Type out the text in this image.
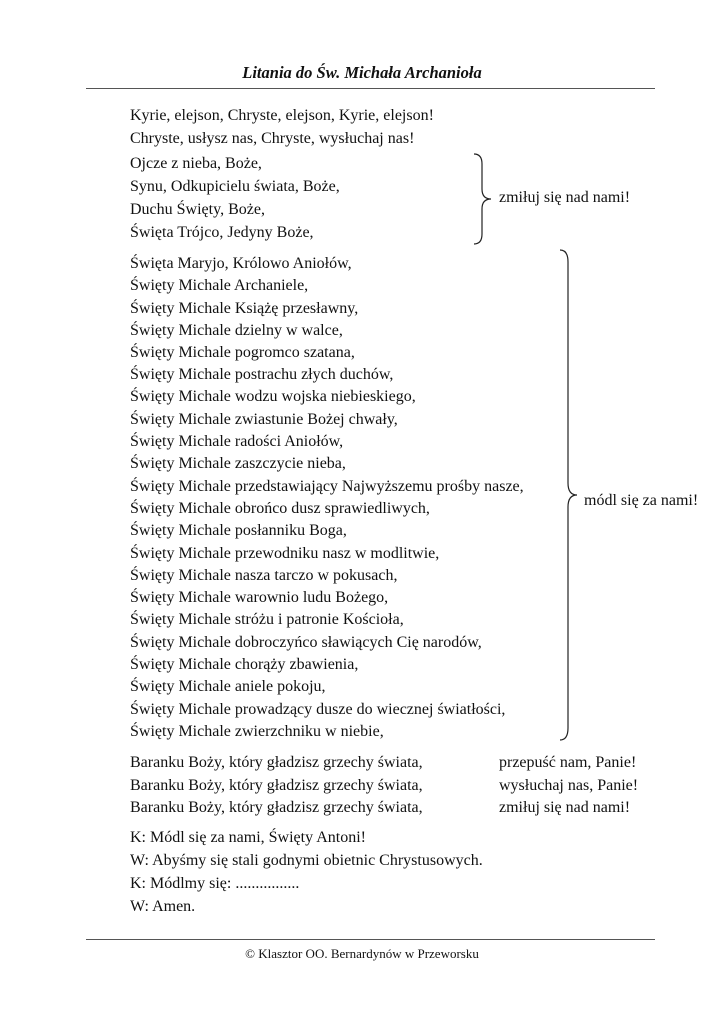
Litania do Św. Michała Archanioła
Kyrie, elejson, Chryste, elejson, Kyrie, elejson!
Chryste, usłysz nas, Chryste, wysłuchaj nas!
Ojcze z nieba, Boże,
Synu, Odkupicielu świata, Boże,
Duchu Święty, Boże,
Święta Trójco, Jedyny Boże,
zmiłuj się nad nami!
Święta Maryjo, Królowo Aniołów,
Święty Michale Archaniele,
Święty Michale Książę przesławny,
Święty Michale dzielny w walce,
Święty Michale pogromco szatana,
Święty Michale postrachu złych duchów,
Święty Michale wodzu wojska niebieskiego,
Święty Michale zwiastunie Bożej chwały,
Święty Michale radości Aniołów,
Święty Michale zaszczycie nieba,
Święty Michale przedstawiający Najwyższemu prośby nasze,
Święty Michale obrońco dusz sprawiedliwych,
Święty Michale posłanniku Boga,
Święty Michale przewodniku nasz w modlitwie,
Święty Michale nasza tarczo w pokusach,
Święty Michale warownio ludu Bożego,
Święty Michale stróżu i patronie Kościoła,
Święty Michale dobroczyńco sławiących Cię narodów,
Święty Michale chorąży zbawienia,
Święty Michale aniele pokoju,
Święty Michale prowadzący dusze do wiecznej światłości,
Święty Michale zwierzchniku w niebie,
módl się za nami!
Baranku Boży, który gładzisz grzechy świata,	przepuść nam, Panie!
Baranku Boży, który gładzisz grzechy świata,	wysłuchaj nas, Panie!
Baranku Boży, który gładzisz grzechy świata,	zmiłuj się nad nami!
K: Módl się za nami, Święty Antoni!
W: Abyśmy się stali godnymi obietnic Chrystusowych.
K: Módlmy się: ................
W: Amen.
© Klasztor OO. Bernardynów w Przeworsku
